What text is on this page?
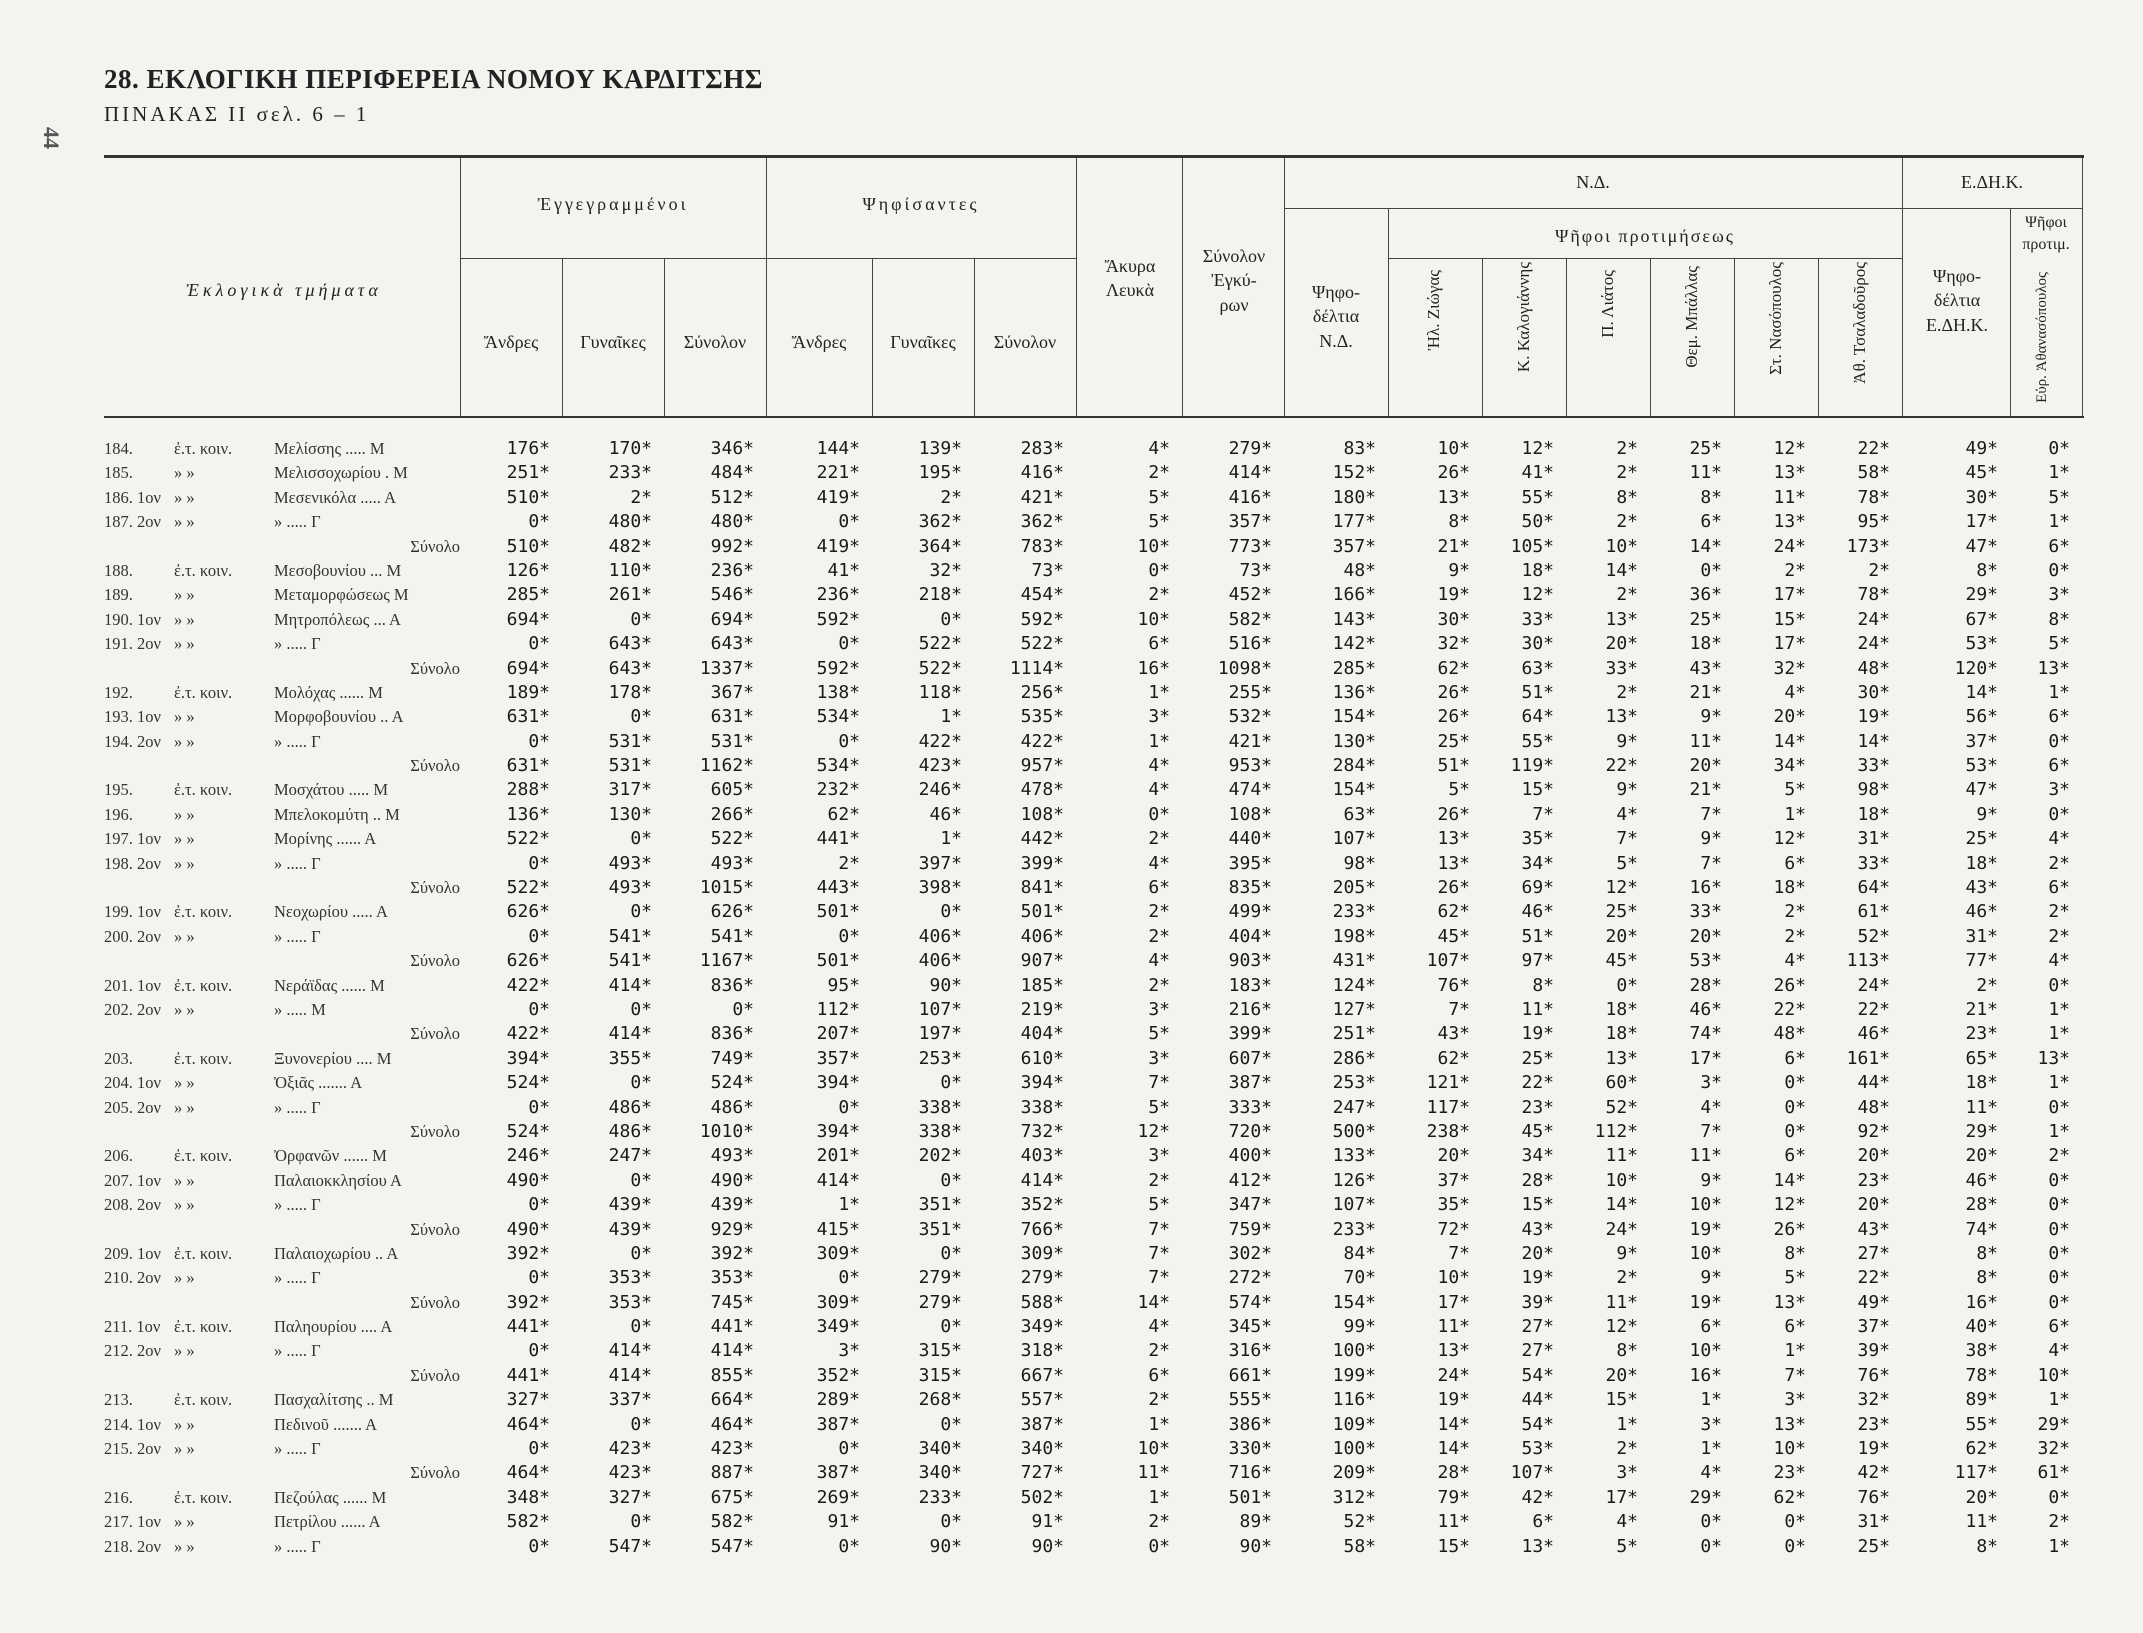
44
28. ΕΚΛΟΓΙΚΗ ΠΕΡΙΦΕΡΕΙΑ ΝΟΜΟΥ ΚΑΡΔΙΤΣΗΣ
ΠΙΝΑΚΑΣ ΙΙ σελ. 6 – 1
Ἐκλογικὰ τμήματα
Ἐγγεγραμμένοι	Ψηφίσαντες
Ἄνδρες	Γυναῖκες	Σύνολον	Ἄνδρες	Γυναῖκες	Σύνολον
Ἄκυρα Λευκὰ
Σύνολον Ἐγκύ- ρων
Ν.Δ.
Ψηφο- δέλτια Ν.Δ.
Ψῆφοι προτιμήσεως
Ἠλ. Ζιώγας	Κ. Καλογιάννης	Π. Λιάτος	Θεμ. Μπάλλας	Στ. Νασόπουλος	Ἀθ. Τσαλαδοῦρος
Ε.ΔΗ.Κ.
Ψηφο- δέλτια Ε.ΔΗ.Κ.
Ψῆφοι προτιμ.
Εὐρ. Ἀθανασόπουλος
184. ἐ.τ. κοιν.	Μελίσσης ..... Μ	176*	170*	346*	144*	139*	283*	4*	279*	83*	10*	12*	2*	25*	12*	22*	49*	0*
185. » »	Μελισσοχωρίου . Μ	251*	233*	484*	221*	195*	416*	2*	414*	152*	26*	41*	2*	11*	13*	58*	45*	1*
186. 1ον » »	Μεσενικόλα ..... Α	510*	2*	512*	419*	2*	421*	5*	416*	180*	13*	55*	8*	8*	11*	78*	30*	5*
187. 2ον » »	» ..... Γ	0*	480*	480*	0*	362*	362*	5*	357*	177*	8*	50*	2*	6*	13*	95*	17*	1*
Σύνολο	510*	482*	992*	419*	364*	783*	10*	773*	357*	21*	105*	10*	14*	24*	173*	47*	6*
188. ἐ.τ. κοιν.	Μεσοβουνίου ... Μ	126*	110*	236*	41*	32*	73*	0*	73*	48*	9*	18*	14*	0*	2*	2*	8*	0*
189. » »	Μεταμορφώσεως Μ	285*	261*	546*	236*	218*	454*	2*	452*	166*	19*	12*	2*	36*	17*	78*	29*	3*
190. 1ον » »	Μητροπόλεως ... Α	694*	0*	694*	592*	0*	592*	10*	582*	143*	30*	33*	13*	25*	15*	24*	67*	8*
191. 2ον » »	» ..... Γ	0*	643*	643*	0*	522*	522*	6*	516*	142*	32*	30*	20*	18*	17*	24*	53*	5*
Σύνολο	694*	643*	1337*	592*	522*	1114*	16*	1098*	285*	62*	63*	33*	43*	32*	48*	120*	13*
192. ἐ.τ. κοιν.	Μολόχας ...... Μ	189*	178*	367*	138*	118*	256*	1*	255*	136*	26*	51*	2*	21*	4*	30*	14*	1*
193. 1ον » »	Μορφοβουνίου .. Α	631*	0*	631*	534*	1*	535*	3*	532*	154*	26*	64*	13*	9*	20*	19*	56*	6*
194. 2ον » »	» ..... Γ	0*	531*	531*	0*	422*	422*	1*	421*	130*	25*	55*	9*	11*	14*	14*	37*	0*
Σύνολο	631*	531*	1162*	534*	423*	957*	4*	953*	284*	51*	119*	22*	20*	34*	33*	53*	6*
195. ἐ.τ. κοιν.	Μοσχάτου ..... Μ	288*	317*	605*	232*	246*	478*	4*	474*	154*	5*	15*	9*	21*	5*	98*	47*	3*
196. » »	Μπελοκομύτη .. Μ	136*	130*	266*	62*	46*	108*	0*	108*	63*	26*	7*	4*	7*	1*	18*	9*	0*
197. 1ον » »	Μορίνης ...... Α	522*	0*	522*	441*	1*	442*	2*	440*	107*	13*	35*	7*	9*	12*	31*	25*	4*
198. 2ον » »	» ..... Γ	0*	493*	493*	2*	397*	399*	4*	395*	98*	13*	34*	5*	7*	6*	33*	18*	2*
Σύνολο	522*	493*	1015*	443*	398*	841*	6*	835*	205*	26*	69*	12*	16*	18*	64*	43*	6*
199. 1ον ἐ.τ. κοιν.	Νεοχωρίου ..... Α	626*	0*	626*	501*	0*	501*	2*	499*	233*	62*	46*	25*	33*	2*	61*	46*	2*
200. 2ον » »	» ..... Γ	0*	541*	541*	0*	406*	406*	2*	404*	198*	45*	51*	20*	20*	2*	52*	31*	2*
Σύνολο	626*	541*	1167*	501*	406*	907*	4*	903*	431*	107*	97*	45*	53*	4*	113*	77*	4*
201. 1ον ἐ.τ. κοιν.	Νεράϊδας ...... Μ	422*	414*	836*	95*	90*	185*	2*	183*	124*	76*	8*	0*	28*	26*	24*	2*	0*
202. 2ον » »	» ..... Μ	0*	0*	0*	112*	107*	219*	3*	216*	127*	7*	11*	18*	46*	22*	22*	21*	1*
Σύνολο	422*	414*	836*	207*	197*	404*	5*	399*	251*	43*	19*	18*	74*	48*	46*	23*	1*
203. ἐ.τ. κοιν.	Ξυνονερίου .... Μ	394*	355*	749*	357*	253*	610*	3*	607*	286*	62*	25*	13*	17*	6*	161*	65*	13*
204. 1ον » »	Ὀξιᾶς ....... Α	524*	0*	524*	394*	0*	394*	7*	387*	253*	121*	22*	60*	3*	0*	44*	18*	1*
205. 2ον » »	» ..... Γ	0*	486*	486*	0*	338*	338*	5*	333*	247*	117*	23*	52*	4*	0*	48*	11*	0*
Σύνολο	524*	486*	1010*	394*	338*	732*	12*	720*	500*	238*	45*	112*	7*	0*	92*	29*	1*
206. ἐ.τ. κοιν.	Ὀρφανῶν ...... Μ	246*	247*	493*	201*	202*	403*	3*	400*	133*	20*	34*	11*	11*	6*	20*	20*	2*
207. 1ον » »	Παλαιοκκλησίου Α	490*	0*	490*	414*	0*	414*	2*	412*	126*	37*	28*	10*	9*	14*	23*	46*	0*
208. 2ον » »	» ..... Γ	0*	439*	439*	1*	351*	352*	5*	347*	107*	35*	15*	14*	10*	12*	20*	28*	0*
Σύνολο	490*	439*	929*	415*	351*	766*	7*	759*	233*	72*	43*	24*	19*	26*	43*	74*	0*
209. 1ον ἐ.τ. κοιν.	Παλαιοχωρίου .. Α	392*	0*	392*	309*	0*	309*	7*	302*	84*	7*	20*	9*	10*	8*	27*	8*	0*
210. 2ον » »	» ..... Γ	0*	353*	353*	0*	279*	279*	7*	272*	70*	10*	19*	2*	9*	5*	22*	8*	0*
Σύνολο	392*	353*	745*	309*	279*	588*	14*	574*	154*	17*	39*	11*	19*	13*	49*	16*	0*
211. 1ον ἐ.τ. κοιν.	Παληουρίου .... Α	441*	0*	441*	349*	0*	349*	4*	345*	99*	11*	27*	12*	6*	6*	37*	40*	6*
212. 2ον » »	» ..... Γ	0*	414*	414*	3*	315*	318*	2*	316*	100*	13*	27*	8*	10*	1*	39*	38*	4*
Σύνολο	441*	414*	855*	352*	315*	667*	6*	661*	199*	24*	54*	20*	16*	7*	76*	78*	10*
213. ἐ.τ. κοιν.	Πασχαλίτσης .. Μ	327*	337*	664*	289*	268*	557*	2*	555*	116*	19*	44*	15*	1*	3*	32*	89*	1*
214. 1ον » »	Πεδινοῦ ....... Α	464*	0*	464*	387*	0*	387*	1*	386*	109*	14*	54*	1*	3*	13*	23*	55*	29*
215. 2ον » »	» ..... Γ	0*	423*	423*	0*	340*	340*	10*	330*	100*	14*	53*	2*	1*	10*	19*	62*	32*
Σύνολο	464*	423*	887*	387*	340*	727*	11*	716*	209*	28*	107*	3*	4*	23*	42*	117*	61*
216. ἐ.τ. κοιν.	Πεζούλας ...... Μ	348*	327*	675*	269*	233*	502*	1*	501*	312*	79*	42*	17*	29*	62*	76*	20*	0*
217. 1ον » »	Πετρίλου ...... Α	582*	0*	582*	91*	0*	91*	2*	89*	52*	11*	6*	4*	0*	0*	31*	11*	2*
218. 2ον » »	» ..... Γ	0*	547*	547*	0*	90*	90*	0*	90*	58*	15*	13*	5*	0*	0*	25*	8*	1*
